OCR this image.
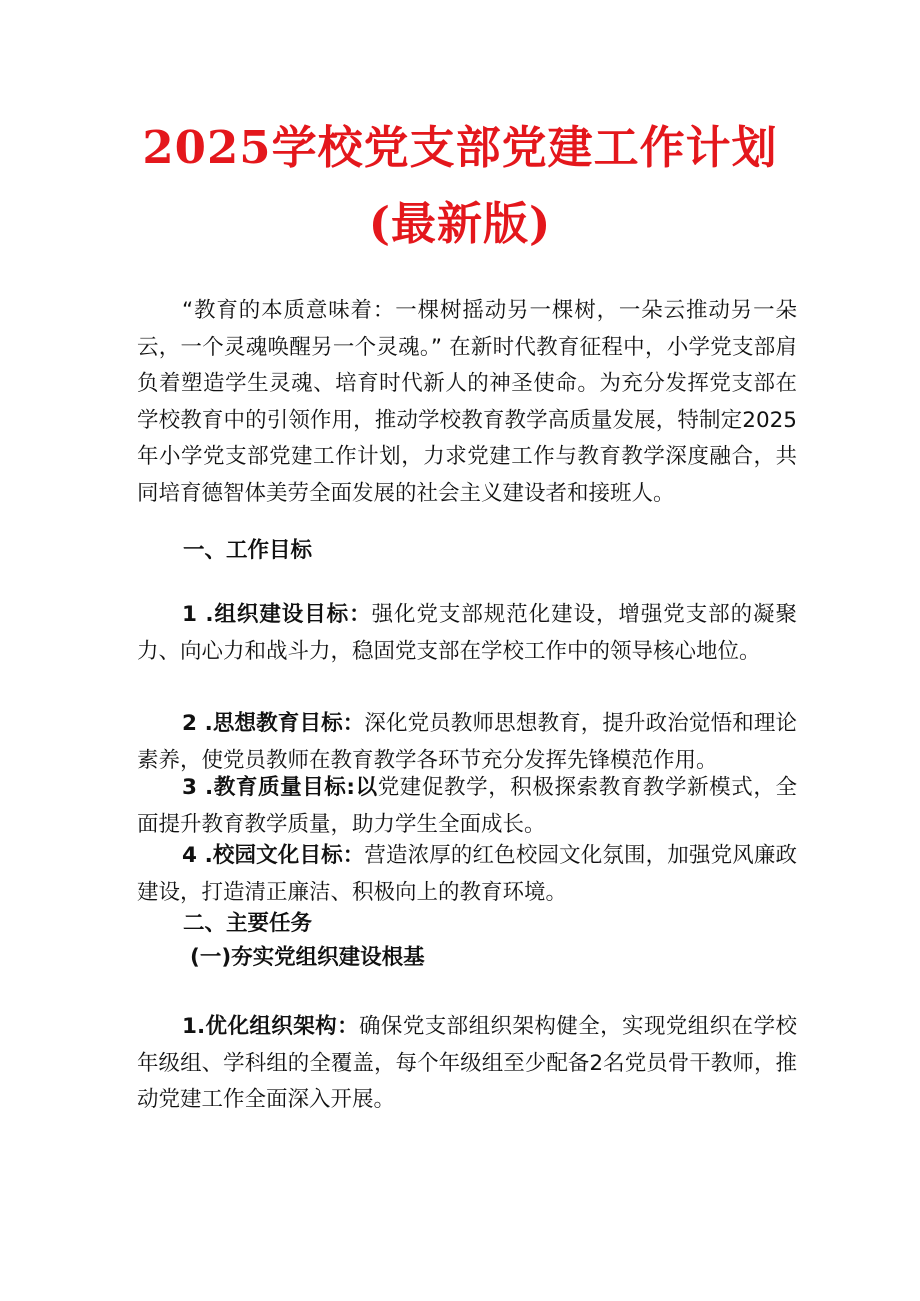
2025学校党支部党建工作计划
(最新版)

“教育的本质意味着：一棵树摇动另一棵树，一朵云推动另一朵云，一个灵魂唤醒另一个灵魂。” 在新时代教育征程中，小学党支部肩负着塑造学生灵魂、培育时代新人的神圣使命。为充分发挥党支部在学校教育中的引领作用，推动学校教育教学高质量发展，特制定2025年小学党支部党建工作计划，力求党建工作与教育教学深度融合，共同培育德智体美劳全面发展的社会主义建设者和接班人。

一、工作目标

1 .组织建设目标：强化党支部规范化建设，增强党支部的凝聚力、向心力和战斗力，稳固党支部在学校工作中的领导核心地位。

2 .思想教育目标：深化党员教师思想教育，提升政治觉悟和理论素养，使党员教师在教育教学各环节充分发挥先锋模范作用。

3 .教育质量目标:以党建促教学，积极探索教育教学新模式，全面提升教育教学质量，助力学生全面成长。

4 .校园文化目标：营造浓厚的红色校园文化氛围，加强党风廉政建设，打造清正廉洁、积极向上的教育环境。

二、主要任务
(一)夯实党组织建设根基

1.优化组织架构：确保党支部组织架构健全，实现党组织在学校年级组、学科组的全覆盖，每个年级组至少配备2名党员骨干教师，推动党建工作全面深入开展。
